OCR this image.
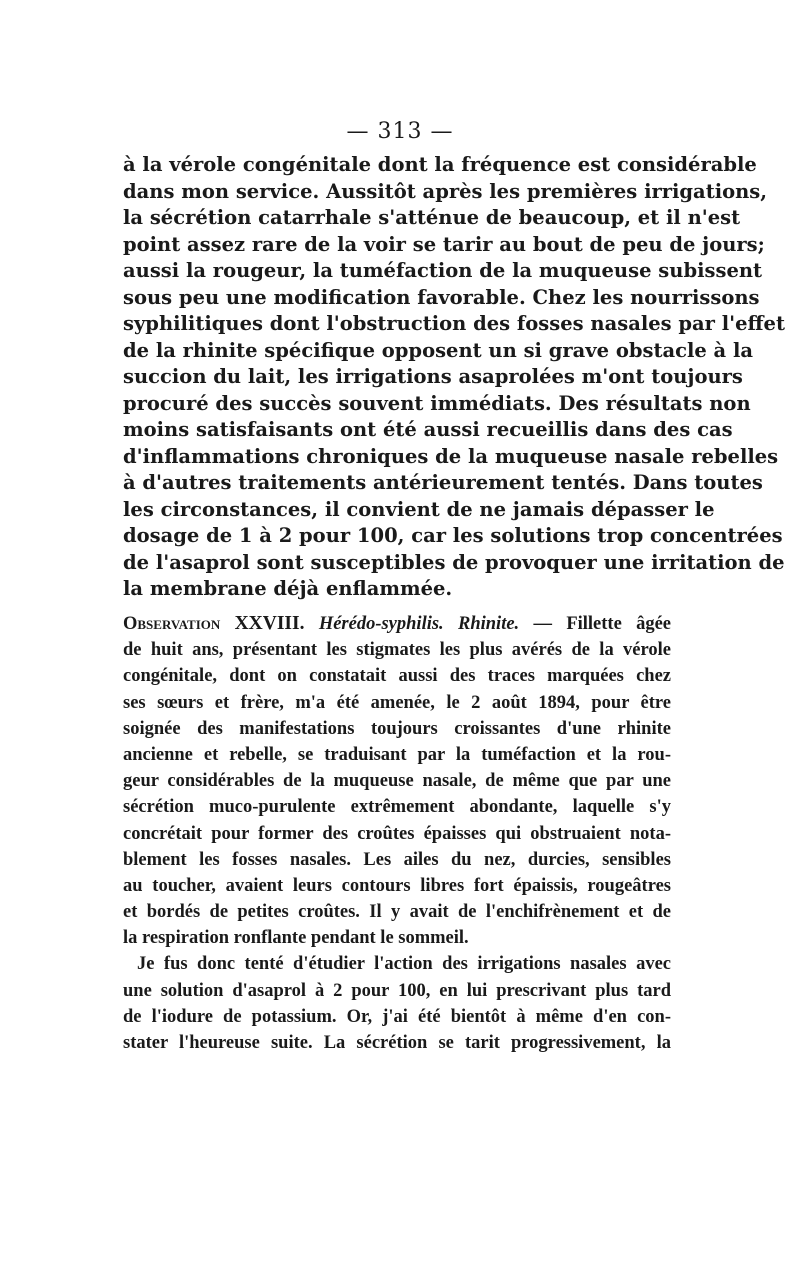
— 313 —
à la vérole congénitale dont la fréquence est considérable
dans mon service. Aussitôt après les premières irrigations,
la sécrétion catarrhale s'atténue de beaucoup, et il n'est
point assez rare de la voir se tarir au bout de peu de jours;
aussi la rougeur, la tuméfaction de la muqueuse subissent
sous peu une modification favorable. Chez les nourrissons
syphilitiques dont l'obstruction des fosses nasales par l'effet
de la rhinite spécifique opposent un si grave obstacle à la
succion du lait, les irrigations asaprolées m'ont toujours
procuré des succès souvent immédiats. Des résultats non
moins satisfaisants ont été aussi recueillis dans des cas
d'inflammations chroniques de la muqueuse nasale rebelles
à d'autres traitements antérieurement tentés. Dans toutes
les circonstances, il convient de ne jamais dépasser le
dosage de 1 à 2 pour 100, car les solutions trop concentrées
de l'asaprol sont susceptibles de provoquer une irritation de
la membrane déjà enflammée.
Observation XXVIII. Hérédo-syphilis. Rhinite. — Fillette âgée
de huit ans, présentant les stigmates les plus avérés de la vérole
congénitale, dont on constatait aussi des traces marquées chez
ses sœurs et frère, m'a été amenée, le 2 août 1894, pour être
soignée des manifestations toujours croissantes d'une rhinite
ancienne et rebelle, se traduisant par la tuméfaction et la rou-
geur considérables de la muqueuse nasale, de même que par une
sécrétion muco-purulente extrêmement abondante, laquelle s'y
concrétait pour former des croûtes épaisses qui obstruaient nota-
blement les fosses nasales. Les ailes du nez, durcies, sensibles
au toucher, avaient leurs contours libres fort épaissis, rougeâtres
et bordés de petites croûtes. Il y avait de l'enchifrènement et de
la respiration ronflante pendant le sommeil.
Je fus donc tenté d'étudier l'action des irrigations nasales avec
une solution d'asaprol à 2 pour 100, en lui prescrivant plus tard
de l'iodure de potassium. Or, j'ai été bientôt à même d'en con-
stater l'heureuse suite. La sécrétion se tarit progressivement, la
